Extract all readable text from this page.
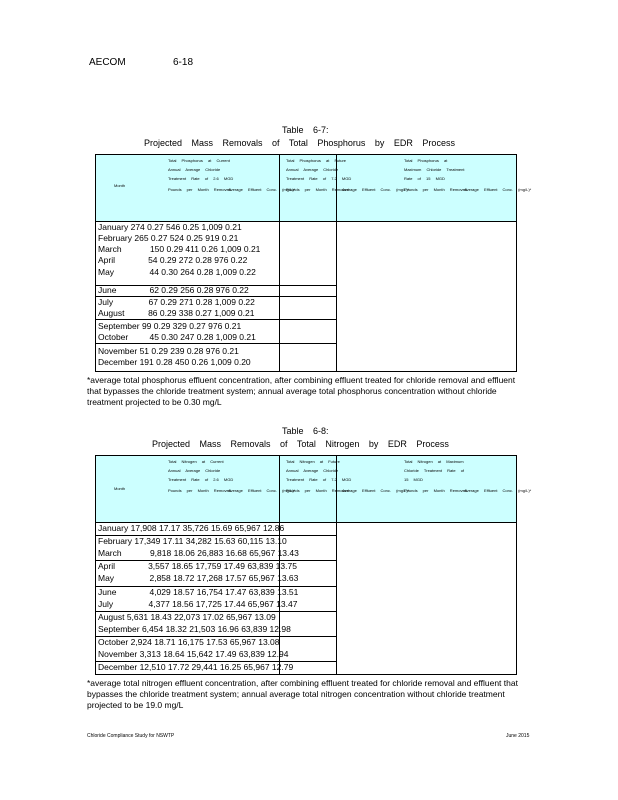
AECOM	6-18
Table 6-7:
Projected Mass Removals of Total Phosphorus by EDR Process
Month
Total Phosphorus at Current
Annual Average Chloride
Treatment Rate of 2.6 MGD
Pounds per Month Removed
Average Effluent Conc. (mg/L)*
Total Phosphorus at Future
Annual Average Chloride
Treatment Rate of 7.2 MGD
Pounds per Month Removed
Average Effluent Conc. (mg/L)*
Total Phosphorus at
Maximum Chloride Treatment
Rate of 15 MGD
Pounds per Month Removed
Average Effluent Conc. (mg/L)*
January 274 0.27 546 0.25 1,009 0.21
February 265 0.27 524 0.25 919 0.21
March            150 0.29 411 0.26 1,009 0.21
April              54 0.29 272 0.28 976 0.22
May               44 0.30 264 0.28 1,009 0.22
June              62 0.29 256 0.28 976 0.22
July               67 0.29 271 0.28 1,009 0.22
August          86 0.29 338 0.27 1,009 0.21
September 99 0.29 329 0.27 976 0.21
October         45 0.30 247 0.28 1,009 0.21
November 51 0.29 239 0.28 976 0.21
December 191 0.28 450 0.26 1,009 0.20
*average total phosphorus effluent concentration, after combining effluent treated for chloride removal and effluent that bypasses the chloride treatment system; annual average total phosphorus concentration without chloride treatment projected to be 0.30 mg/L
Table 6-8:
Projected Mass Removals of Total Nitrogen by EDR Process
Month
Total Nitrogen at Current
Annual Average Chloride
Treatment Rate of 2.6 MGD
Pounds per Month Removed
Average Effluent Conc. (mg/L)*
Total Nitrogen at Future
Annual Average Chloride
Treatment Rate of 7.2 MGD
Pounds per Month Removed
Average Effluent Conc. (mg/L)*
Total Nitrogen at Maximum
Chloride Treatment Rate of
15 MGD
Pounds per Month Removed
Average Effluent Conc. (mg/L)*
January 17,908 17.17 35,726 15.69 65,967 12.86
February 17,349 17.11 34,282 15.63 60,115 13.10
March            9,818 18.06 26,883 16.68 65,967 13.43
April              3,557 18.65 17,759 17.49 63,839 13.75
May               2,858 18.72 17,268 17.57 65,967 13.63
June              4,029 18.57 16,754 17.47 63,839 13.51
July               4,377 18.56 17,725 17.44 65,967 13.47
August 5,631 18.43 22,073 17.02 65,967 13.09
September 6,454 18.32 21,503 16.96 63,839 12.98
October 2,924 18.71 16,175 17.53 65,967 13.08
November 3,313 18.64 15,642 17.49 63,839 12.94
December 12,510 17.72 29,441 16.25 65,967 12.79
*average total nitrogen effluent concentration, after combining effluent treated for chloride removal and effluent that bypasses the chloride treatment system; annual average total nitrogen concentration without chloride treatment projected to be 19.0 mg/L
Chloride Compliance Study for NSWTP	June 2015
